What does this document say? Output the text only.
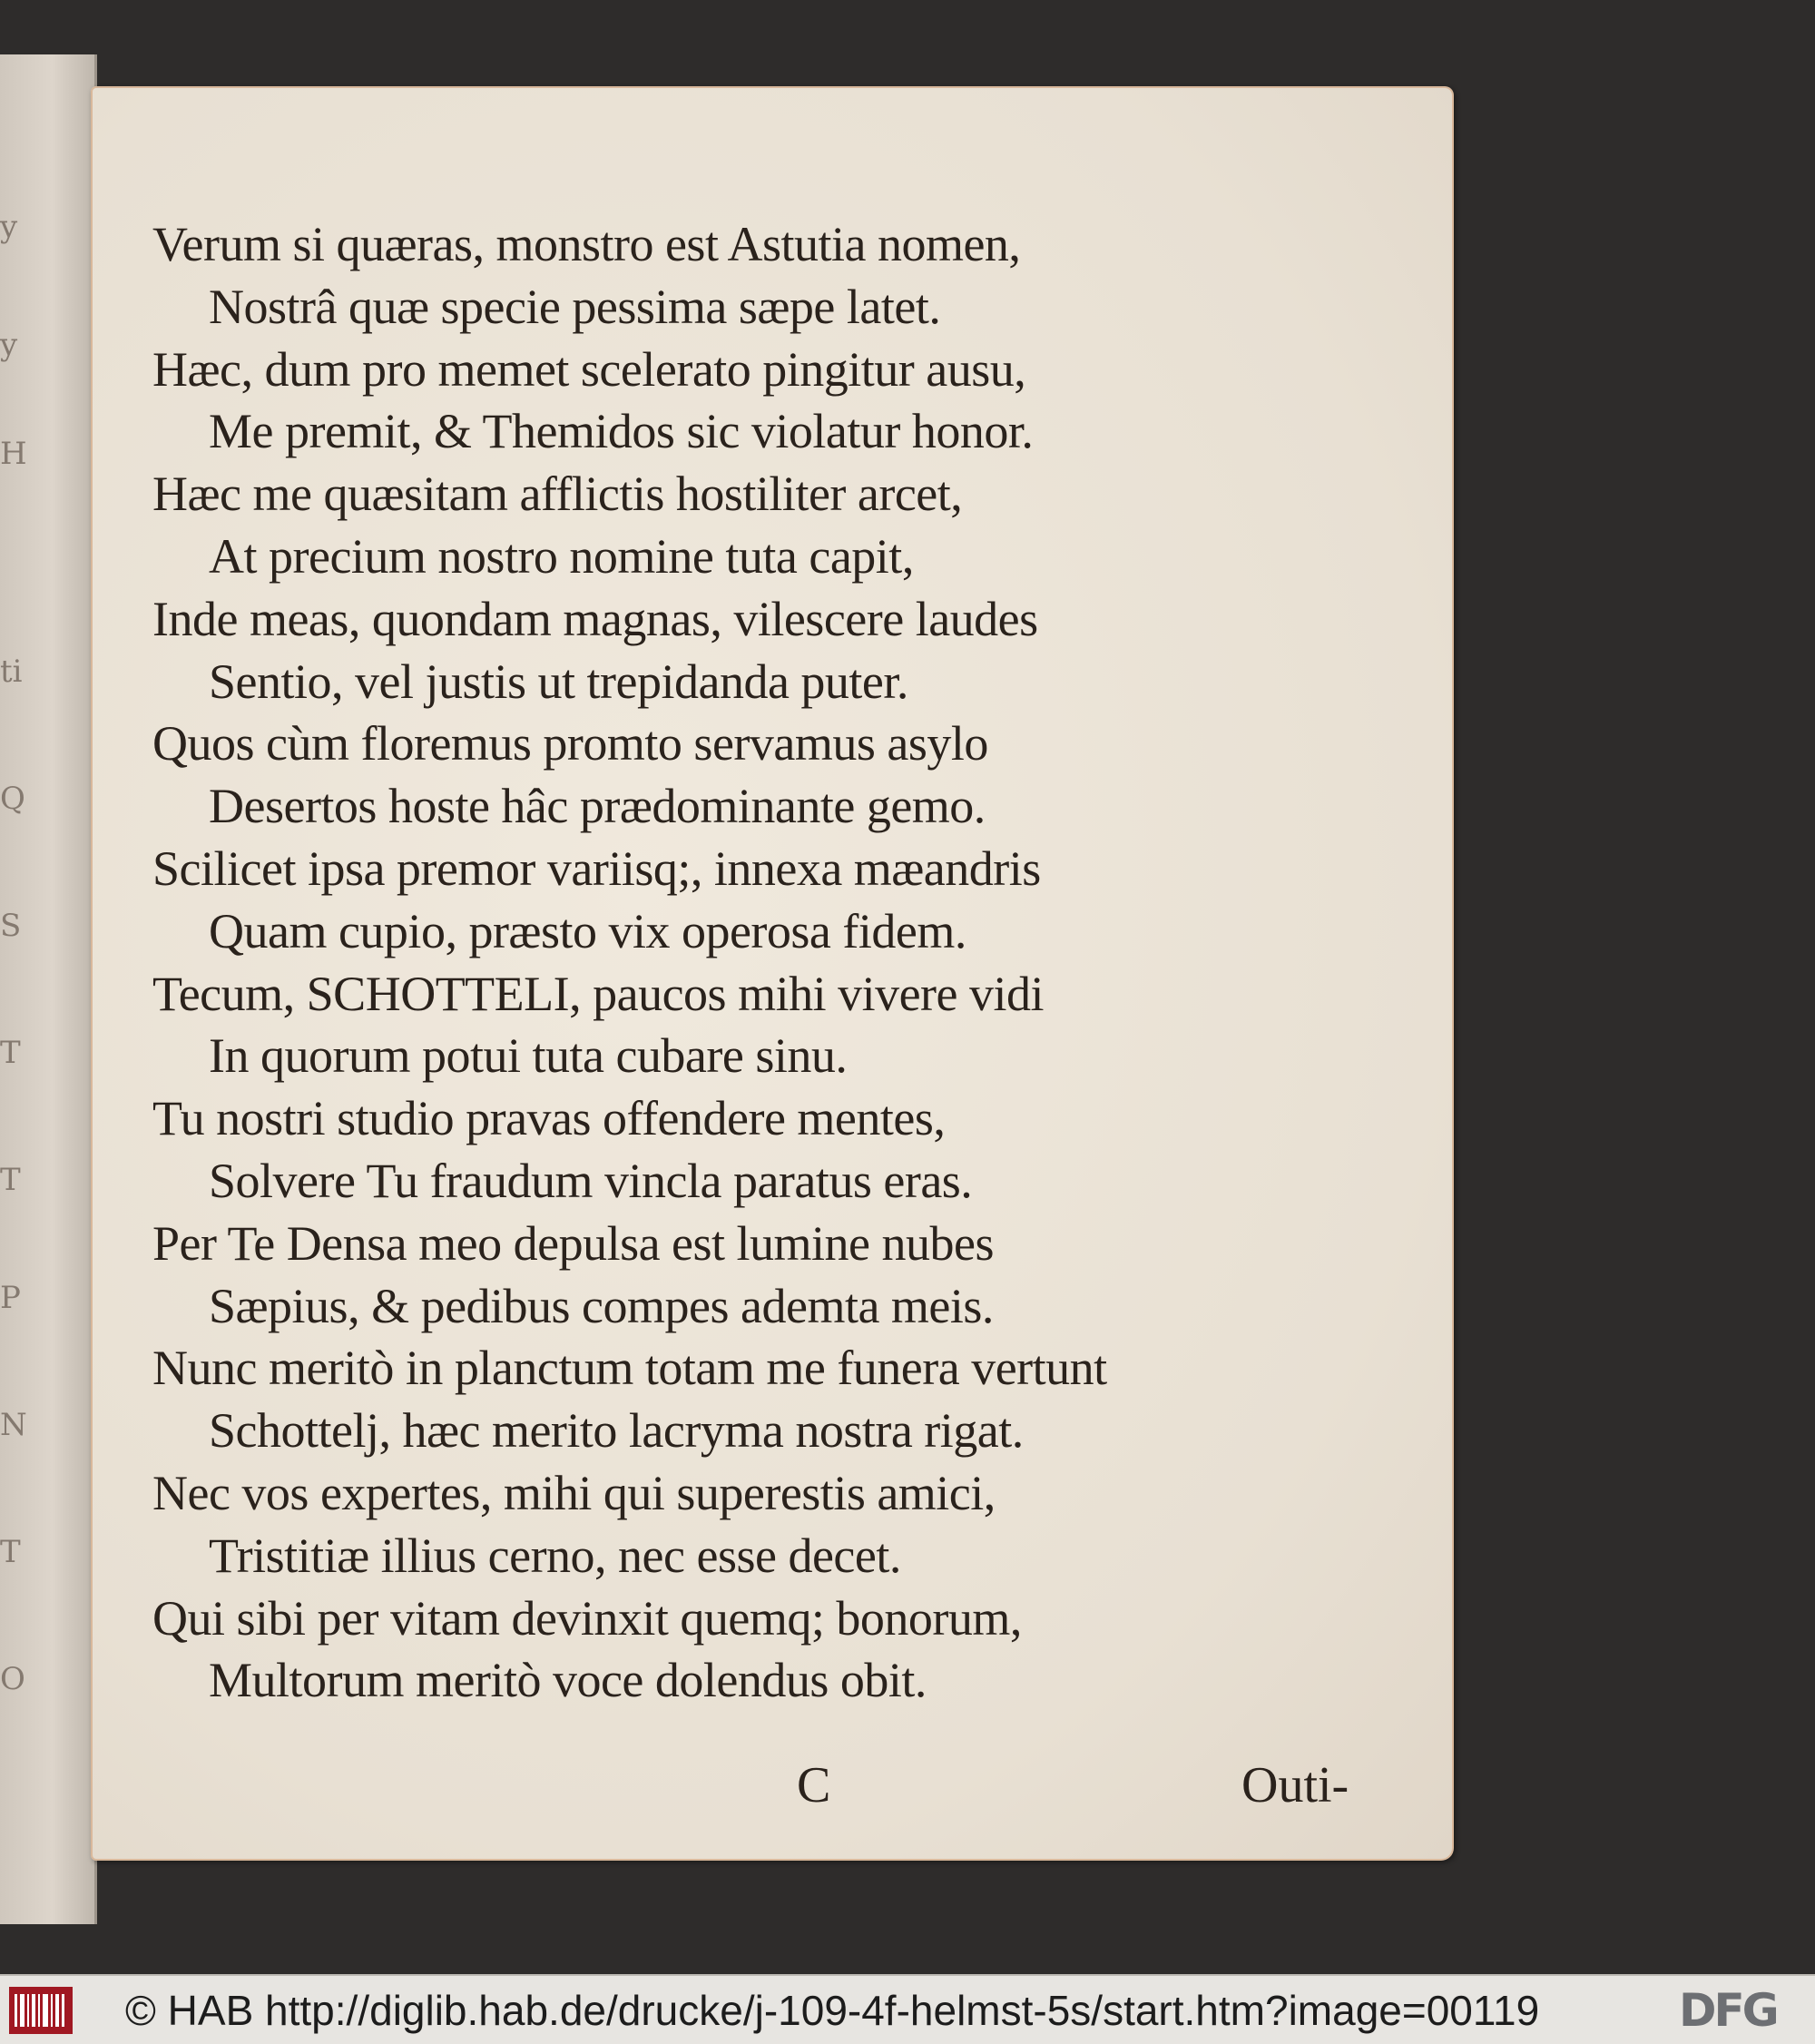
y
y
H
ti
Q
S
T
T
P
N
T
O
Verum si quæras, monstro est Astutia nomen,
Nostrâ quæ specie pessima sæpe latet.
Hæc, dum pro memet scelerato pingitur ausu,
Me premit, & Themidos sic violatur honor.
Hæc me quæsitam afflictis hostiliter arcet,
At precium nostro nomine tuta capit,
Inde meas, quondam magnas, vilescere laudes
Sentio, vel justis ut trepidanda puter.
Quos cùm floremus promto servamus asylo
Desertos hoste hâc prædominante gemo.
Scilicet ipsa premor variisq;, innexa mæandris
Quam cupio, præsto vix operosa fidem.
Tecum, SCHOTTELI, paucos mihi vivere vidi
In quorum potui tuta cubare sinu.
Tu nostri studio pravas offendere mentes,
Solvere Tu fraudum vincla paratus eras.
Per Te Densa meo depulsa est lumine nubes
Sæpius, & pedibus compes ademta meis.
Nunc meritò in planctum totam me funera vertunt
Schottelj, hæc merito lacryma nostra rigat.
Nec vos expertes, mihi qui superestis amici,
Tristitiæ illius cerno, nec esse decet.
Qui sibi per vitam devinxit quemq; bonorum,
Multorum meritò voce dolendus obit.
C	Outi-
© HAB http://diglib.hab.de/drucke/j-109-4f-helmst-5s/start.htm?image=00119	DFG
